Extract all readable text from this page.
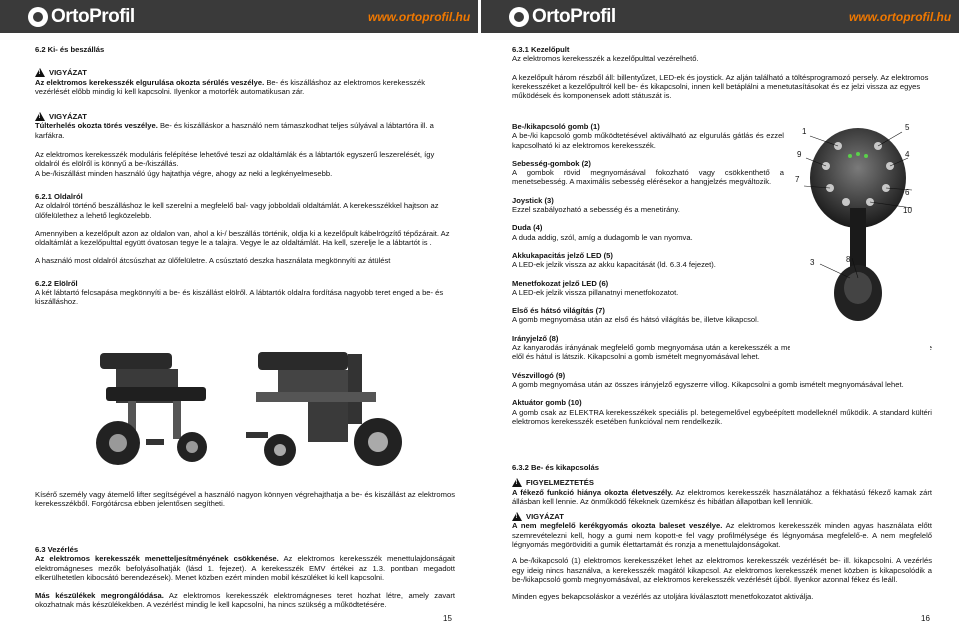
OrtoProfil	www.ortoprofil.hu	OrtoProfil	www.ortoprofil.hu

6.2 Ki- és beszállás

!
VIGYÁZAT

Az elektromos kerekesszék elgurulása okozta sérülés veszélye. Be- és kiszálláshoz az elektromos kerekesszék vezérlését előbb mindig ki kell kapcsolni. Ilyenkor a motorfék automatikusan zár.

!
VIGYÁZAT

Túlterhelés okozta törés veszélye. Be- és kiszálláskor a használó nem támaszkodhat teljes súlyával a lábtartóra ill. a karfákra.

Az elektromos kerekesszék moduláris felépítése lehetővé teszi az oldaltámlák és a lábtartók egyszerű leszerelését, így oldalról és elölről is könnyű a be-/kiszállás.

A be-/kiszállást minden használó úgy hajtathja végre, ahogy az neki a legkényelmesebb.

6.2.1 Oldalról

Az oldalról történő beszálláshoz le kell szerelni a megfelelő bal- vagy jobboldali oldaltámlát. A kerekesszékkel hajtson az ülőfelülethez a lehető legközelebb.

Amennyiben a kezelőpult azon az oldalon van, ahol a ki-/ beszállás történik, oldja ki a kezelőpult kábelrögzítő tépőzárait. Az oldaltámlát a kezelőpulttal együtt óvatosan tegye le a talajra. Vegye le az oldaltámlát. Ha kell, szerelje le a lábtartót is .

A használó most oldalról átcsúszhat az ülőfelületre. A csúsztató deszka használata megkönnyíti az átülést

6.2.2 Elölről

A két lábtartó felcsapása megkönnyíti a be- és kiszállást elölről. A lábtartók oldalra fordítása nagyobb teret enged a be- és kiszálláshoz.

Kísérő személy vagy átemelő lifter segítségével a használó nagyon könnyen végrehajthatja a be- és kiszállást az elektromos kerekesszékből. Forgótárcsa ebben jelentősen segítheti.

6.3 Vezérlés

Az elektromos kerekesszék menetteljesítményének csökkenése. Az elektromos kerekesszék menettulajdonságait elektromágneses mezők befolyásolhatják (lásd 1. fejezet). A kerekesszék EMV értékei az 1.3. pontban megadott elkerülhetetlen kibocsátó berendezések). Menet közben ezért minden mobil készüléket ki kell kapcsolni.

Más készülékek megrongálódása. Az elektromos kerekesszék elektromágneses teret hozhat létre, amely zavart okozhatnak más készülékekben. A vezérlést mindig le kell kapcsolni, ha nincs szükség a működtetésére.

15

6.3.1 Kezelőpult

Az elektromos kerekesszék a kezelőpulttal vezérelhető.

A kezelőpult három részből áll: billentyűzet, LED-ek és joystick. Az alján található a töltésprogramozó persely. Az elektromos kerekesszéket a kezelőpultról kell be- és kikapcsolni, innen kell betáplálni a menetutasításokat és ez jelzi vissza az egyes működések és komponensek adott státuszát is.

Be-/kikapcsoló gomb (1)

A be-/ki kapcsoló gomb működtetésével aktiválható az elgurulás gátlás és ezzel kapcsolható ki az elektromos kerekesszék.

Sebesség-gombok (2)

A gombok rövid megnyomásával fokozható vagy csökkenthető a menetsebesség. A maximális sebesség elérésekor a hangjelzés megváltozik.

Joystick (3)

Ezzel szabályozható a sebesség és a menetirány.

Duda (4)

A duda addig, szól, amíg a dudagomb le van nyomva.

Akkukapacitás jelző LED (5)

A LED-ek jelzik vissza az akku kapacitását (ld. 6.3.4 fejezet).

Menetfokozat jelző LED (6)

A LED-ek jelzik vissza pillanatnyi menetfokozatot.

Első és hátsó világítás (7)

A gomb megnyomása után az első és hátsó világítás be, illetve kikapcsol.

Irányjelző (8)

Az kanyarodás irányának megfelelő gomb megnyomása után a kerekesszék a megfelelő irányban indexel. Az index jelzése elől és hátul is látszik. Kikapcsolni a gomb ismételt megnyomásával lehet.

Vészvillogó (9)

A gomb megnyomása után az összes irányjelző egyszerre villog. Kikapcsolni a gomb ismételt megnyomásával lehet.

Aktuátor gomb (10)

A gomb csak az ELEKTRA kerekesszékek speciális pl. betegemelővel egybeépített modelleknél működik. A standard kültéri elektromos kerekesszék esetében funkcióval nem rendelkezik.

1	5
9	4
7
6
10
3	8

6.3.2 Be- és kikapcsolás

!
FIGYELMEZTETÉS

A fékező funkció hiánya okozta életveszély. Az elektromos kerekesszék használatához a fékhatású fékező kamak zárt állásban kell lennie. Az önműködő fékeknek üzemkész és hibátlan állapotban kell lenniük.

!
VIGYÁZAT

A nem megfelelő kerékgyomás okozta baleset veszélye. Az elektromos kerekesszék minden agyas használata előtt szemrevételezni kell, hogy a gumi nem kopott-e fel vagy profilmélysége és légnyomása megfelelő-e. A nem megfelelő légnyomás megöröviditi a gumik élettartamát és ronzja a menettulajdonságokat.

A be-/kikapcsoló (1) elektromos kerekesszéket lehet az elektromos kerekesszék vezérlését be- ill. kikapcsolni. A vezérlés egy ideig nincs használva, a kerekesszék magától kikapcsol. Az elektromos kerekesszék menet közben is kikapcsolódik a be-/kikapcsoló gomb megnyomásával, az elektromos kerekesszék vezérlését újból. Ilyenkor azonnal fékez és leáll.

Minden egyes bekapcsoláskor a vezérlés az utoljára kiválasztott menetfokozatot aktiválja.

16
